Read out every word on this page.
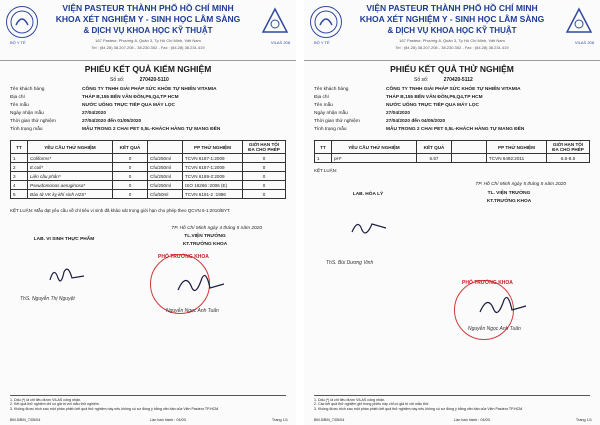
BỘ Y TẾ	VILAS 208
VIỆN PASTEUR THÀNH PHỐ HỒ CHÍ MINH
KHOA XÉT NGHIỆM Y - SINH HỌC LÂM SÀNG
& DỊCH VỤ KHOA HỌC KỸ THUẬT
167 Pasteur, Phường 8, Quận 3, Tp Hồ Chí Minh, Việt Nam
Tel : (84.28) 38.207.208 - 38.230.352 - Fax : (84.28) 38.231.419
PHIẾU KẾT QUẢ KIỂM NGHIỆM
Số số:	270420-5110
Tên khách hàng	CÔNG TY TNHH GIẢI PHÁP SỨC KHỎE TỰ NHIÊN VITAMIA
Địa chỉ	THÁP B,155 BẾN VÂN ĐỒN,P6,Q4,TP HCM
Tên mẫu	NƯỚC UỐNG TRỰC TIẾP QUA MÁY LỌC
Ngày nhận mẫu	27/04/2020
Thời gian thử nghiệm	27/04/2020 đến 01/05/2020
Tình trạng mẫu	MẪU TRONG 2 CHAI PET 0,5L-KHÁCH HÀNG TỰ MANG ĐẾN
TT	YÊU CẦU THỬ NGHIỆM	KẾT QUẢ		PP THỬ NGHIỆM	GIỚI HẠN TỐI ĐA CHO PHÉP
1	Coliforms*	0	Cfu/250ml	TCVN 6187-1:2009	0
2	E.coli*	0	Cfu/250ml	TCVN 6187-1:2009	0
3	Liên cầu phân*	0	Cfu/250ml	TCVN 6189-2:2009	0
4	Pseudomonas aeruginosa*	0	Cfu/250ml	ISO 16266 :2006 (E)	0
5	Bào tử VK kỵ khí sinh H2S*	0	Cfu/50ml	TCVN 6191-2 :1996	0
KẾT LUẬN: Mẫu đạt yêu cầu về chỉ tiêu vi sinh đã khảo sát trong giới hạn cho phép theo QCVN 6-1:2010/BYT.
TP. Hồ Chí Minh ngày 4 tháng 5 năm 2020
LAB. VI SINH THỰC PHẨM
TL.VIỆN TRƯỞNG
KT.TRƯỞNG KHOA
PHÓ TRƯỞNG KHOA
ThS. Nguyễn Thị Nguyệt
Nguyễn Ngọc Anh Tuấn
1. Dấu (*) là chỉ tiêu được VILAS công nhận.
2. Kết quả thử nghiệm chỉ có giá trị với mẫu thử nghiệm.
3. Không được trích sao một phần phiếu kết quả thử nghiệm này nếu không có sự đồng ý bằng văn bản của Viện Pasteur TP.HCM.
BM.5/BM_7/05/04	Lần ban hành : 04/00	Trang 1/1
BỘ Y TẾ	VILAS 208
VIỆN PASTEUR THÀNH PHỐ HỒ CHÍ MINH
KHOA XÉT NGHIỆM Y - SINH HỌC LÂM SÀNG
& DỊCH VỤ KHOA HỌC KỸ THUẬT
167 Pasteur, Phường 8, Quận 3, Tp Hồ Chí Minh, Việt Nam
Tel : (84.28) 38.207.208 - 38.230.352 - Fax : (84.28) 38.231.419
PHIẾU KẾT QUẢ THỬ NGHIỆM
Số số:	270420-5112
Tên khách hàng	CÔNG TY TNHH GIẢI PHÁP SỨC KHỎE TỰ NHIÊN VITAMIA
Địa chỉ	THÁP B,155 BẾN VÂN ĐỒN,P6,Q4,TP HCM
Tên mẫu	NƯỚC UỐNG TRỰC TIẾP QUA MÁY LỌC
Ngày nhận mẫu	27/04/2020
Thời gian thử nghiệm	27/04/2020 đến 04/05/2020
Tình trạng mẫu	MẪU TRONG 2 CHAI PET 0,5L-KHÁCH HÀNG TỰ MANG ĐẾN
TT	YÊU CẦU THỬ NGHIỆM	KẾT QUẢ		PP THỬ NGHIỆM	GIỚI HẠN TỐI ĐA CHO PHÉP
1	pH*	6.57		TCVN 6492:2011	6.5-8.5
KẾT LUẬN:
TP. Hồ Chí Minh ngày 5 tháng 5 năm 2020
LAB. HÓA LÝ	TL. VIỆN TRƯỞNG
KT.TRƯỞNG KHOA
PHÓ TRƯỞNG KHOA
ThS. Bùi Dương Vinh
Nguyễn Ngọc Anh Tuấn
1. Dấu (*) là chỉ tiêu được VILAS công nhận.
2. Các kết quả thử nghiệm ghi trong phiếu này chỉ có giá trị với mẫu thử.
3. Không được trích sao một phần phiếu kết quả thử nghiệm này nếu không có sự đồng ý bằng văn bản của Viện Pasteur TP.HCM.
BM.5/BM_7/05/04	Lần ban hành : 04/00	Trang 1/1
